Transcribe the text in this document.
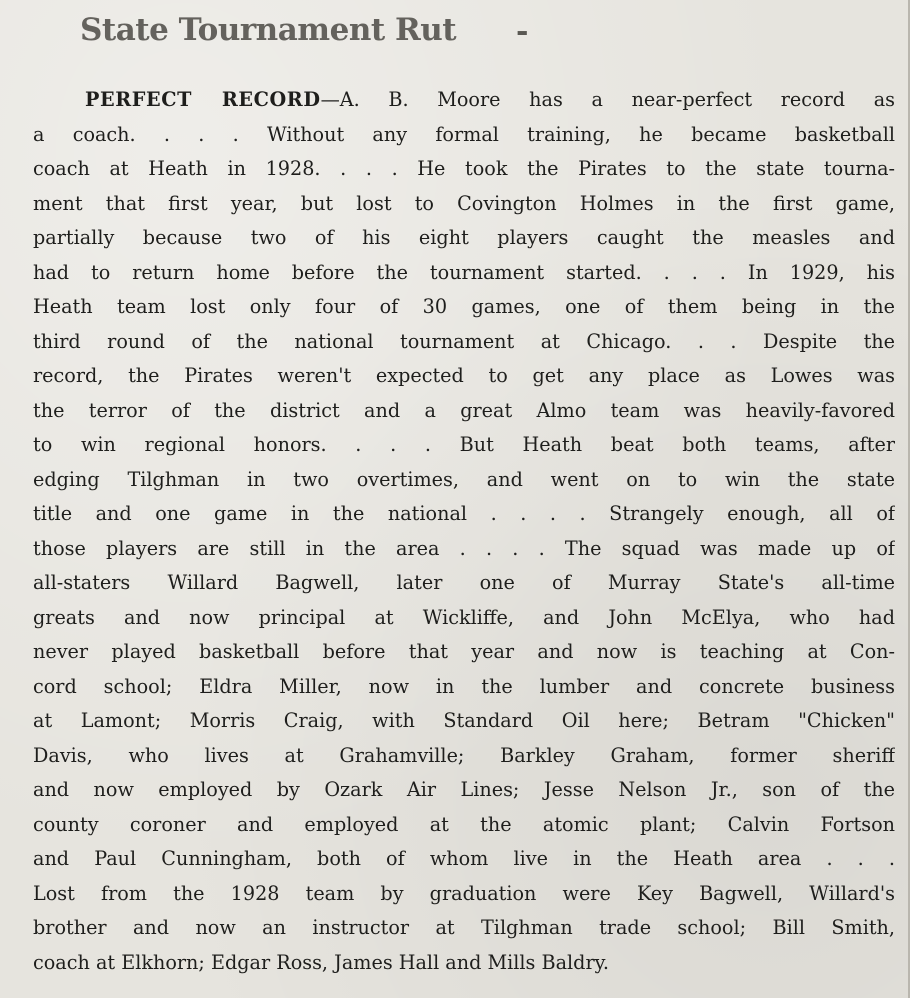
State Tournament Rut -
PERFECT RECORD—A. B. Moore has a near-perfect record as
a coach. . . . Without any formal training, he became basketball
coach at Heath in 1928. . . . He took the Pirates to the state tourna-
ment that first year, but lost to Covington Holmes in the first game,
partially because two of his eight players caught the measles and
had to return home before the tournament started. . . . In 1929, his
Heath team lost only four of 30 games, one of them being in the
third round of the national tournament at Chicago. . . Despite the
record, the Pirates weren't expected to get any place as Lowes was
the terror of the district and a great Almo team was heavily-favored
to win regional honors. . . . But Heath beat both teams, after
edging Tilghman in two overtimes, and went on to win the state
title and one game in the national . . . . Strangely enough, all of
those players are still in the area . . . . The squad was made up of
all-staters Willard Bagwell, later one of Murray State's all-time
greats and now principal at Wickliffe, and John McElya, who had
never played basketball before that year and now is teaching at Con-
cord school; Eldra Miller, now in the lumber and concrete business
at Lamont; Morris Craig, with Standard Oil here; Betram "Chicken"
Davis, who lives at Grahamville; Barkley Graham, former sheriff
and now employed by Ozark Air Lines; Jesse Nelson Jr., son of the
county coroner and employed at the atomic plant; Calvin Fortson
and Paul Cunningham, both of whom live in the Heath area . . .
Lost from the 1928 team by graduation were Key Bagwell, Willard's
brother and now an instructor at Tilghman trade school; Bill Smith,
coach at Elkhorn; Edgar Ross, James Hall and Mills Baldry.
